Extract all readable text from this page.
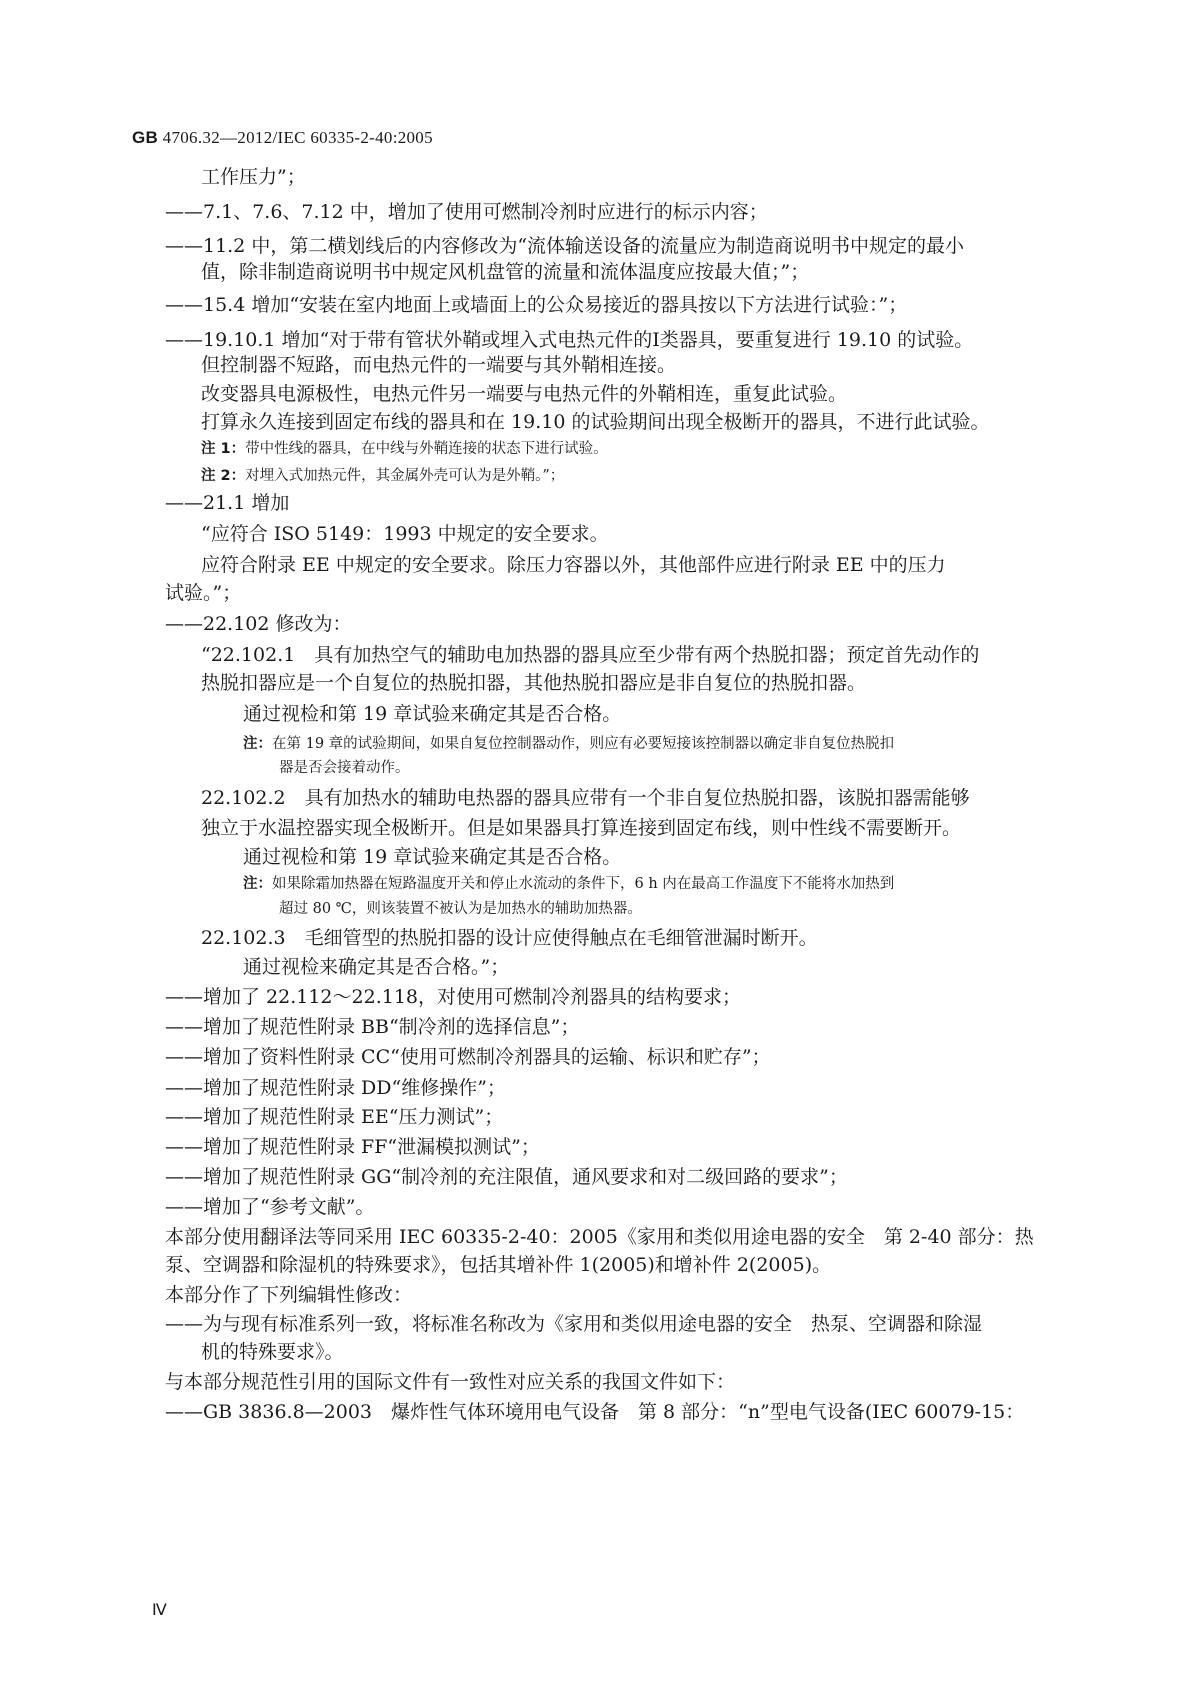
GB 4706.32—2012/IEC 60335-2-40:2005
工作压力”；
——7.1、7.6、7.12 中，增加了使用可燃制冷剂时应进行的标示内容；
——11.2 中，第二横划线后的内容修改为“流体输送设备的流量应为制造商说明书中规定的最小
值，除非制造商说明书中规定风机盘管的流量和流体温度应按最大值；”；
——15.4 增加“安装在室内地面上或墙面上的公众易接近的器具按以下方法进行试验：”；
——19.10.1 增加“对于带有管状外鞘或埋入式电热元件的Ⅰ类器具，要重复进行 19.10 的试验。
但控制器不短路，而电热元件的一端要与其外鞘相连接。
改变器具电源极性，电热元件另一端要与电热元件的外鞘相连，重复此试验。
打算永久连接到固定布线的器具和在 19.10 的试验期间出现全极断开的器具，不进行此试验。
注 1：带中性线的器具，在中线与外鞘连接的状态下进行试验。
注 2：对埋入式加热元件，其金属外壳可认为是外鞘。”；
——21.1 增加
“应符合 ISO 5149：1993 中规定的安全要求。
应符合附录 EE 中规定的安全要求。除压力容器以外，其他部件应进行附录 EE 中的压力
试验。”；
——22.102 修改为：
“22.102.1　具有加热空气的辅助电加热器的器具应至少带有两个热脱扣器；预定首先动作的
热脱扣器应是一个自复位的热脱扣器，其他热脱扣器应是非自复位的热脱扣器。
通过视检和第 19 章试验来确定其是否合格。
注：在第 19 章的试验期间，如果自复位控制器动作，则应有必要短接该控制器以确定非自复位热脱扣
器是否会接着动作。
22.102.2　具有加热水的辅助电热器的器具应带有一个非自复位热脱扣器，该脱扣器需能够
独立于水温控器实现全极断开。但是如果器具打算连接到固定布线，则中性线不需要断开。
通过视检和第 19 章试验来确定其是否合格。
注：如果除霜加热器在短路温度开关和停止水流动的条件下，6 h 内在最高工作温度下不能将水加热到
超过 80 ℃，则该装置不被认为是加热水的辅助加热器。
22.102.3　毛细管型的热脱扣器的设计应使得触点在毛细管泄漏时断开。
通过视检来确定其是否合格。”；
——增加了 22.112～22.118，对使用可燃制冷剂器具的结构要求；
——增加了规范性附录 BB“制冷剂的选择信息”；
——增加了资料性附录 CC“使用可燃制冷剂器具的运输、标识和贮存”；
——增加了规范性附录 DD“维修操作”；
——增加了规范性附录 EE“压力测试”；
——增加了规范性附录 FF“泄漏模拟测试”；
——增加了规范性附录 GG“制冷剂的充注限值，通风要求和对二级回路的要求”；
——增加了“参考文献”。
本部分使用翻译法等同采用 IEC 60335-2-40：2005《家用和类似用途电器的安全　第 2-40 部分：热
泵、空调器和除湿机的特殊要求》，包括其增补件 1(2005)和增补件 2(2005)。
本部分作了下列编辑性修改：
——为与现有标准系列一致，将标准名称改为《家用和类似用途电器的安全　热泵、空调器和除湿
机的特殊要求》。
与本部分规范性引用的国际文件有一致性对应关系的我国文件如下：
——GB 3836.8—2003　爆炸性气体环境用电气设备　第 8 部分：“n”型电气设备(IEC 60079-15：
Ⅳ
